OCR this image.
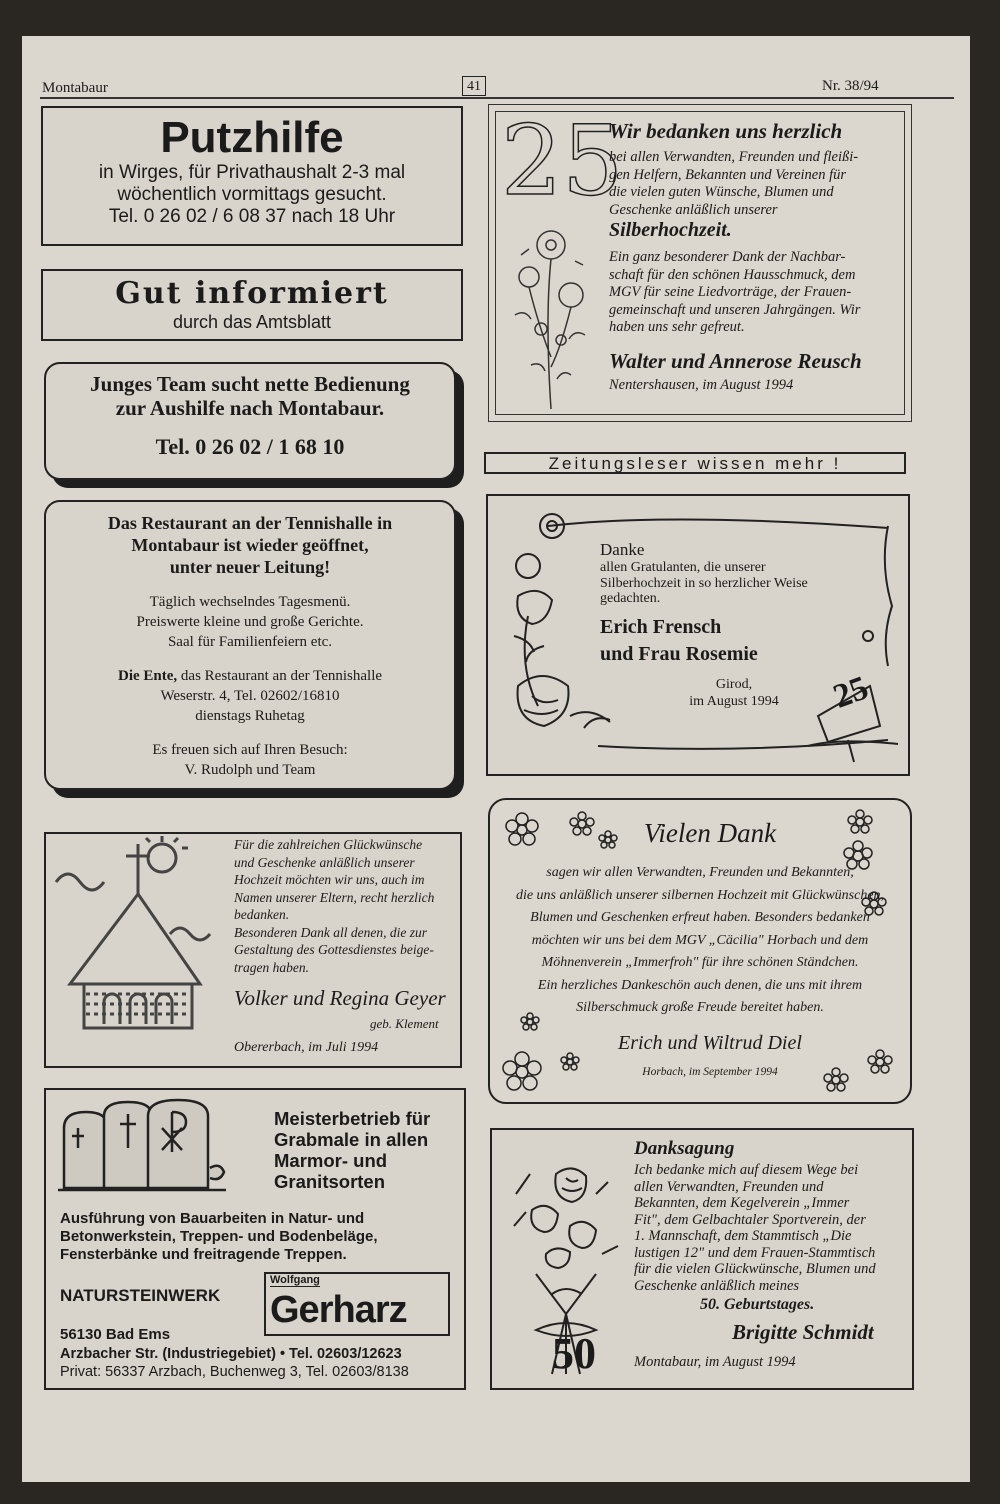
Montabaur	41	Nr. 38/94
Putzhilfe
in Wirges, für Privathaushalt 2-3 mal
wöchentlich vormittags gesucht.
Tel. 0 26 02 / 6 08 37 nach 18 Uhr
Gut informiert
durch das Amtsblatt
Junges Team sucht nette Bedienung
zur Aushilfe nach Montabaur.
Tel. 0 26 02 / 1 68 10
Das Restaurant an der Tennishalle in
Montabaur ist wieder geöffnet,
unter neuer Leitung!
Täglich wechselndes Tagesmenü.
Preiswerte kleine und große Gerichte.
Saal für Familienfeiern etc.
Die Ente, das Restaurant an der Tennishalle
Weserstr. 4, Tel. 02602/16810
dienstags Ruhetag
Es freuen sich auf Ihren Besuch:
V. Rudolph und Team
Für die zahlreichen Glückwünsche
und Geschenke anläßlich unserer
Hochzeit möchten wir uns, auch im
Namen unserer Eltern, recht herzlich
bedanken.
Besonderen Dank all denen, die zur
Gestaltung des Gottesdienstes beige-
tragen haben.
Volker und Regina Geyer
geb. Klement
Obererbach, im Juli 1994
Meisterbetrieb für
Grabmale in allen
Marmor- und
Granitsorten
Ausführung von Bauarbeiten in Natur- und
Betonwerkstein, Treppen- und Bodenbeläge,
Fensterbänke und freitragende Treppen.
NATURSTEINWERK
Wolfgang
Gerharz
56130 Bad Ems
Arzbacher Str. (Industriegebiet) • Tel. 02603/12623
Privat: 56337 Arzbach, Buchenweg 3, Tel. 02603/8138
25
Wir bedanken uns herzlich
bei allen Verwandten, Freunden und fleißi-
gen Helfern, Bekannten und Vereinen für
die vielen guten Wünsche, Blumen und
Geschenke anläßlich unserer
Silberhochzeit.
Ein ganz besonderer Dank der Nachbar-
schaft für den schönen Hausschmuck, dem
MGV für seine Liedvorträge, der Frauen-
gemeinschaft und unseren Jahrgängen. Wir
haben uns sehr gefreut.
Walter und Annerose Reusch
Nentershausen, im August 1994
Zeitungsleser wissen mehr !
Danke
allen Gratulanten, die unserer
Silberhochzeit in so herzlicher Weise
gedachten.
Erich Frensch
und Frau Rosemie
Girod,
im August 1994 25
Vielen Dank
sagen wir allen Verwandten, Freunden und Bekannten,
die uns anläßlich unserer silbernen Hochzeit mit Glückwünschen,
Blumen und Geschenken erfreut haben. Besonders bedanken
möchten wir uns bei dem MGV „Cäcilia" Horbach und dem
Möhnenverein „Immerfroh" für ihre schönen Ständchen.
Ein herzliches Dankeschön auch denen, die uns mit ihrem
Silberschmuck große Freude bereitet haben.
Erich und Wiltrud Diel
Horbach, im September 1994
50
Danksagung
Ich bedanke mich auf diesem Wege bei
allen Verwandten, Freunden und
Bekannten, dem Kegelverein „Immer
Fit", dem Gelbachtaler Sportverein, der
1. Mannschaft, dem Stammtisch „Die
lustigen 12" und dem Frauen-Stammtisch
für die vielen Glückwünsche, Blumen und
Geschenke anläßlich meines
50. Geburtstages.
Brigitte Schmidt
Montabaur, im August 1994
